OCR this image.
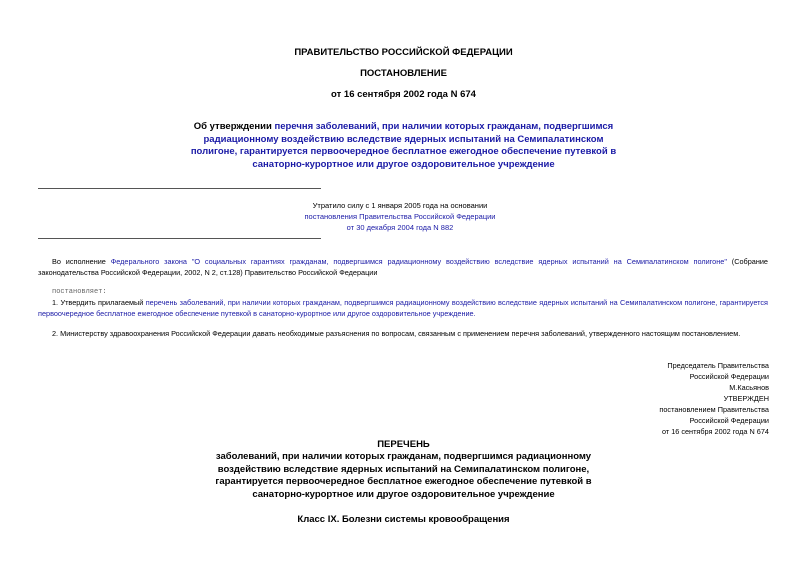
ПРАВИТЕЛЬСТВО РОССИЙСКОЙ ФЕДЕРАЦИИ
ПОСТАНОВЛЕНИЕ
от 16 сентября 2002 года N 674
Об утверждении перечня заболеваний, при наличии которых гражданам, подвергшимся радиационному воздействию вследствие ядерных испытаний на Семипалатинском полигоне, гарантируется первоочередное бесплатное ежегодное обеспечение путевкой в санаторно-курортное или другое оздоровительное учреждение
Утратило силу с 1 января 2005 года на основании
постановления Правительства Российской Федерации
от 30 декабря 2004 года N 882
Во исполнение Федерального закона "О социальных гарантиях гражданам, подвергшимся радиационному воздействию вследствие ядерных испытаний на Семипалатинском полигоне" (Собрание законодательства Российской Федерации, 2002, N 2, ст.128) Правительство Российской Федерации
постановляет:
1. Утвердить прилагаемый перечень заболеваний, при наличии которых гражданам, подвергшимся радиационному воздействию вследствие ядерных испытаний на Семипалатинском полигоне, гарантируется первоочередное бесплатное ежегодное обеспечение путевкой в санаторно-курортное или другое оздоровительное учреждение.
2. Министерству здравоохранения Российской Федерации давать необходимые разъяснения по вопросам, связанным с применением перечня заболеваний, утвержденного настоящим постановлением.
Председатель Правительства
Российской Федерации
М.Касьянов
УТВЕРЖДЕН
постановлением Правительства
Российской Федерации
от 16 сентября 2002 года N 674
ПЕРЕЧЕНЬ
заболеваний, при наличии которых гражданам, подвергшимся радиационному воздействию вследствие ядерных испытаний на Семипалатинском полигоне, гарантируется первоочередное бесплатное ежегодное обеспечение путевкой в санаторно-курортное или другое оздоровительное учреждение
Класс IX. Болезни системы кровообращения
